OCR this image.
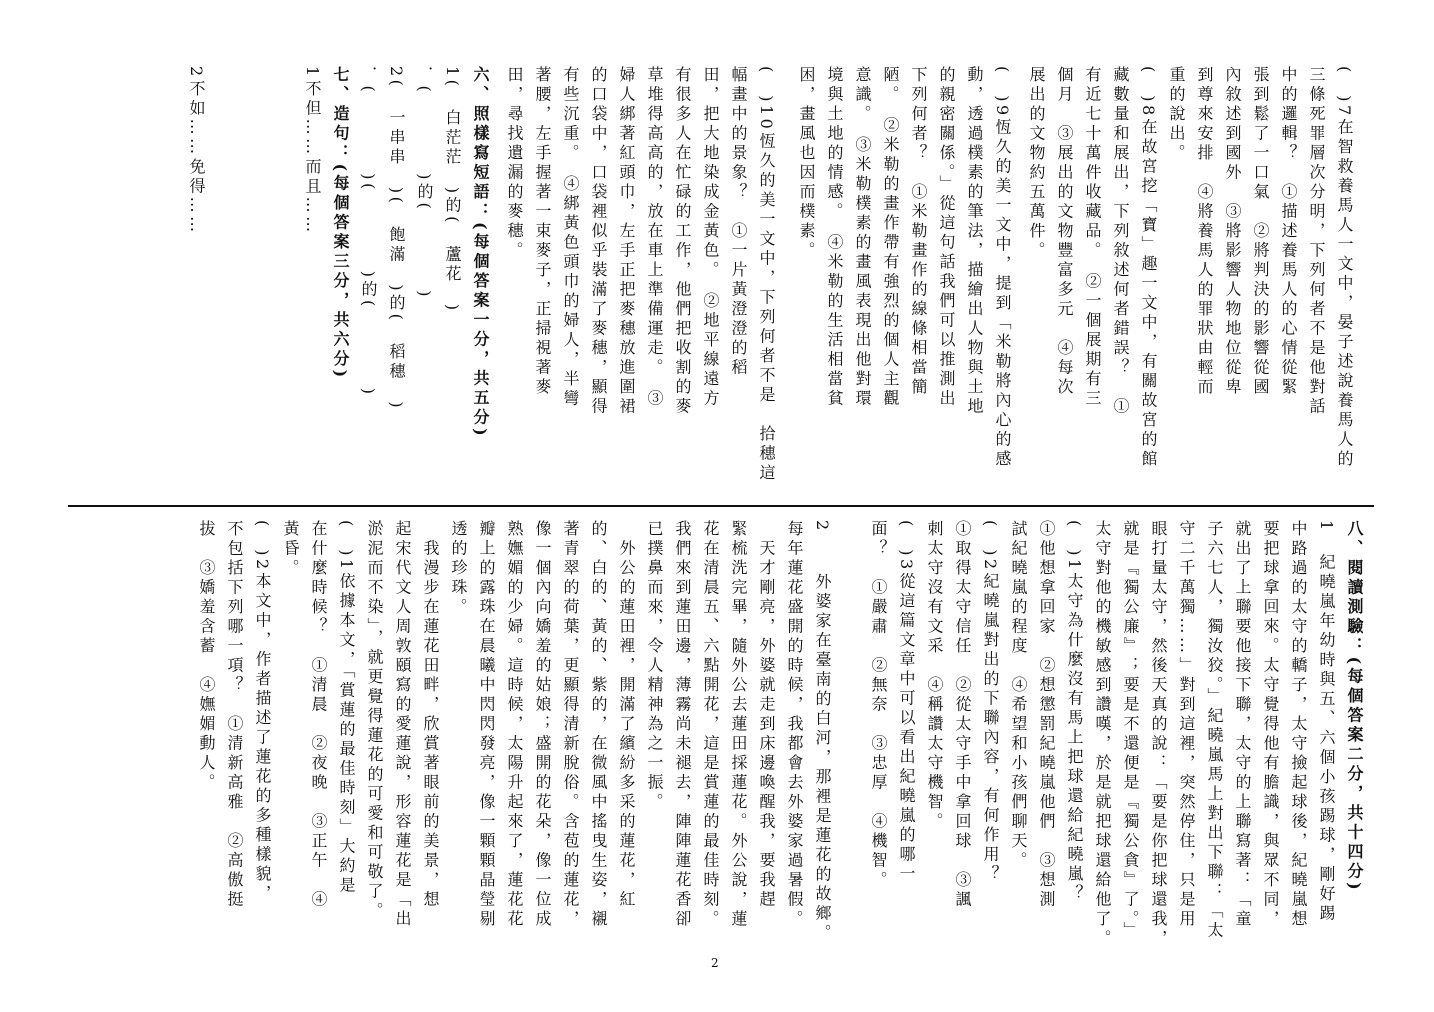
(　)7在智救養馬人一文中，晏子述說養馬人的
三條死罪層次分明，下列何者不是他對話
中的邏輯？　①描述養馬人的心情從緊
張到鬆了一口氣　②將判決的影響從國
內敘述到國外　③將影響人物地位從卑
到尊來安排　④將養馬人的罪狀由輕而
重的說出。
(　)8在故宮挖「寶」趣一文中，有關故宮的館
藏數量和展出，下列敘述何者錯誤？　①
有近七十萬件收藏品。　②一個展期有三
個月　③展出的文物豐富多元　④每次
展出的文物約五萬件。
(　)9恆久的美一文中，提到「米勒將內心的感
動，透過樸素的筆法，描繪出人物與土地
的親密關係。」從這句話我們可以推測出
下列何者？　①米勒畫作的線條相當簡
陋。　②米勒的畫作帶有強烈的個人主觀
意識。　③米勒樸素的畫風表現出他對環
境與土地的情感。　④米勒的生活相當貧
困，畫風也因而樸素。
(　)10恆久的美一文中，下列何者不是　拾穗這
幅畫中的景象？　①一片黃澄澄的稻
田，把大地染成金黃色。　②地平線遠方
有很多人在忙碌的工作，他們把收割的麥
草堆得高高的，放在車上準備運走。　③
婦人綁著紅頭巾，左手正把麥穗放進圍裙
的口袋中，口袋裡似乎裝滿了麥穗，顯得
有些沉重。　④綁黃色頭巾的婦人，半彎
著腰，左手握著一束麥子，正掃視著麥
田，尋找遺漏的麥穗。
六、照樣寫短語：(每個答案一分，共五分)
1(　白茫茫　)的(　蘆花　)
．(　　　　)的(　　　　)
2(　一串串　)(　飽滿　)的(　稻穗　)
．(　　　　)(　　　　)的(　　　　)
七、造句：(每個答案三分，共六分)
1不但……而且……
2不如……免得……
八、閱讀測驗：(每個答案二分，共十四分)
1　紀曉嵐年幼時與五、六個小孩踢球，剛好踢
中路過的太守的轎子，太守撿起球後，紀曉嵐想
要把球拿回來。太守覺得他有膽識，與眾不同，
就出了上聯要他接下聯，太守的上聯寫著：「童
子六七人，獨汝狡。」紀曉嵐馬上對出下聯：「太
守二千萬獨……」對到這裡，突然停住，只是用
眼打量太守，然後天真的說：「要是你把球還我，
就是『獨公廉』；要是不還便是『獨公貪』了。」
太守對他的機敏感到讚嘆，於是就把球還給他了。
(　)1太守為什麼沒有馬上把球還給紀曉嵐？
①他想拿回家　②想懲罰紀曉嵐他們　③想測
試紀曉嵐的程度　④希望和小孩們聊天。
(　)2紀曉嵐對出的下聯內容，有何作用？
①取得太守信任　②從太守手中拿回球　③諷
刺太守沒有文采　④稱讚太守機智。
(　)3從這篇文章中可以看出紀曉嵐的哪一
面？　①嚴肅　②無奈　③忠厚　④機智。
2　　外婆家在臺南的白河，那裡是蓮花的故鄉。
每年蓮花盛開的時候，我都會去外婆家過暑假。
　天才剛亮，外婆就走到床邊喚醒我，要我趕
緊梳洗完畢，隨外公去蓮田採蓮花。外公說，蓮
花在清晨五、六點開花，這是賞蓮的最佳時刻。
我們來到蓮田邊，薄霧尚未褪去，陣陣蓮花香卻
已撲鼻而來，令人精神為之一振。
　外公的蓮田裡，開滿了繽紛多采的蓮花，紅
的、白的、黃的、紫的，在微風中搖曳生姿，襯
著青翠的荷葉，更顯得清新脫俗。含苞的蓮花，
像一個內向嬌羞的姑娘；盛開的花朵，像一位成
熟嫵媚的少婦。這時候，太陽升起來了，蓮花花
瓣上的露珠在晨曦中閃閃發亮，像一顆顆晶瑩剔
透的珍珠。
　我漫步在蓮花田畔，欣賞著眼前的美景，想
起宋代文人周敦頤寫的愛蓮說，形容蓮花是「出
淤泥而不染」，就更覺得蓮花的可愛和可敬了。
(　)1依據本文，「賞蓮的最佳時刻」大約是
在什麼時候？　①清晨　②夜晚　③正午　④
黃昏。
(　)2本文中，作者描述了蓮花的多種樣貌，
不包括下列哪一項？　①清新高雅　②高傲挺
拔　③嬌羞含蓄　④嫵媚動人。
2
